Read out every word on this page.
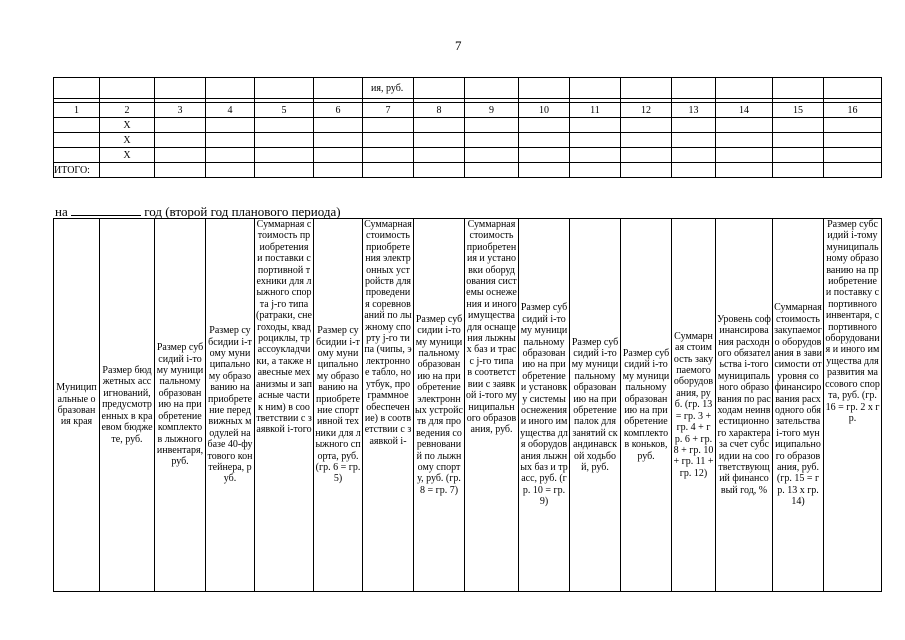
7
						ия, руб.									

1	2	3	4	5	6	7	8	9	10	11	12	13	14	15	16
	Х														
	Х														
	Х														
ИТОГО:															
на	год (второй год планового периода)
Муниципальные образования края	Размер бюджетных ассигнований, предусмотренных в краевом бюджете, руб.	Размер субсидий i-тому муниципальному образованию на приобретение комплектов лыжного инвентаря, руб.	Размер субсидии i-тому муниципальному образованию на приобретение передвижных модулей на базе 40-футового контейнера, руб.	Суммарная стоимость приобретения и поставки спортивной техники для лыжного спорта j-го типа (ратраки, снегоходы, квадроциклы, трассоукладчики, а также навесные механизмы и запасные части к ним) в соответствии с заявкой i-того	Размер субсидии i-тому муниципальному образованию на приобретение спортивной техники для лыжного спорта, руб. (гр. 6 = гр. 5)	Суммарная стоимость приобретения электронных устройств для проведения соревнований по лыжному спорту j-го типа (чипы, электронное табло, ноутбук, программное обеспечение) в соответствии с заявкой i-	Размер субсидии i-тому муниципальному образованию на приобретение электронных устройств для проведения соревнований по лыжному спорту, руб. (гр. 8 = гр. 7)	Суммарная стоимость приобретения и установки оборудования системы оснежения и иного имущества для оснащения лыжных баз и трасс j-го типа в соответствии с заявкой i-того муниципального образования, руб.	Размер субсидий i-тому муниципальному образованию на приобретение и установку системы оснежения и иного имущества для оборудования лыжных баз и трасс, руб. (гр. 10 = гр. 9)	Размер субсидий i-тому муниципальному образованию на приобретение палок для занятий скандинавской ходьбой, руб.	Размер субсидий i-тому муниципальному образованию на приобретение комплектов коньков, руб.	Суммарная стоимость закупаемого оборудования, руб. (гр. 13 = гр. 3 + гр. 4 + гр. 6 + гр. 8 + гр. 10 + гр. 11 + гр. 12)	Уровень софинансирования расходного обязательства i-того муниципального образования по расходам неинвестиционного характера за счет субсидии на соответствующий финансовый год, %	Суммарная стоимость закупаемого оборудования в зависимости от уровня софинансирования расходного обязательства i-того муниципального образования, руб. (гр. 15 = гр. 13 х гр. 14)	Размер субсидий i-тому муниципальному образованию на приобретение и поставку спортивного инвентаря, спортивного оборудования и иного имущества для развития массового спорта, руб. (гр. 16 = гр. 2 х гр.
